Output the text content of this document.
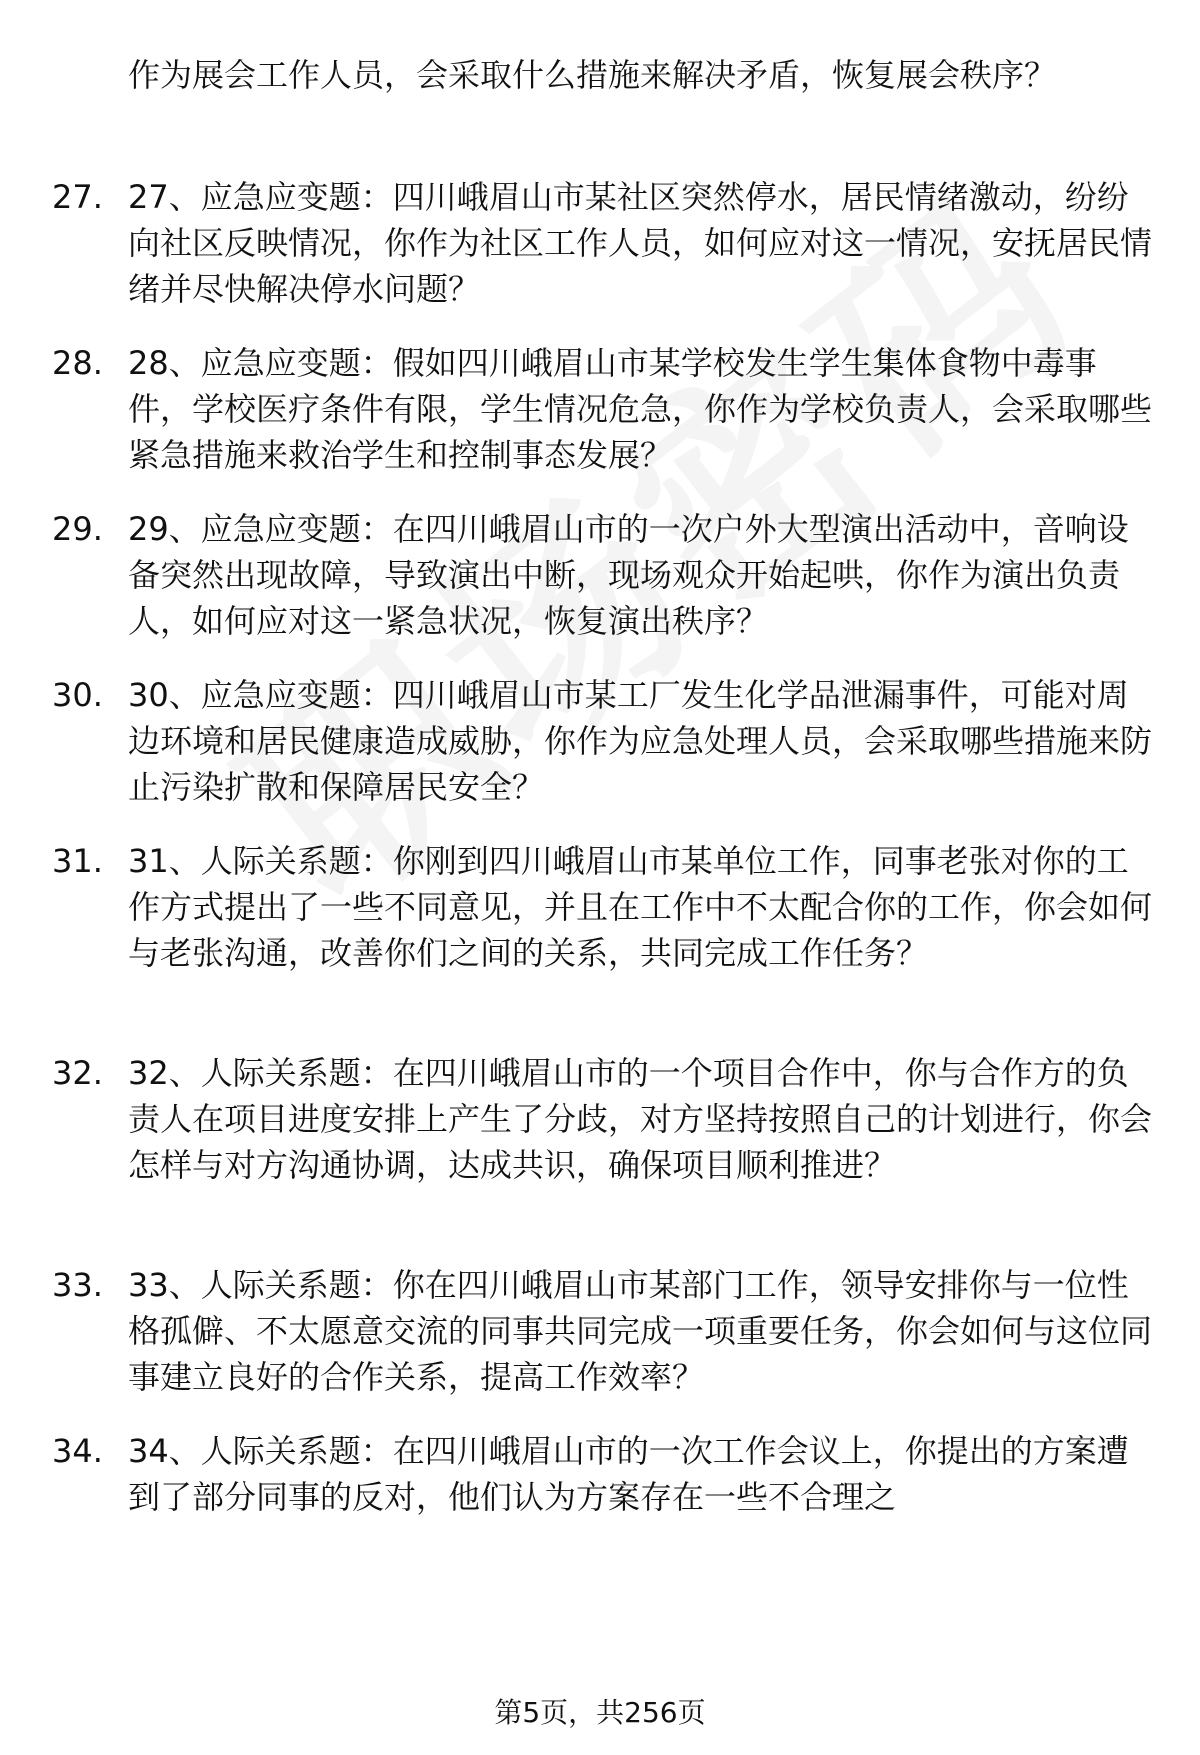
作为展会工作人员，会采取什么措施来解决矛盾，恢复展会秩序？
27. 27、应急应变题：四川峨眉山市某社区突然停水，居民情绪激动，纷纷向社区反映情况，你作为社区工作人员，如何应对这一情况，安抚居民情绪并尽快解决停水问题？
28. 28、应急应变题：假如四川峨眉山市某学校发生学生集体食物中毒事件，学校医疗条件有限，学生情况危急，你作为学校负责人，会采取哪些紧急措施来救治学生和控制事态发展？
29. 29、应急应变题：在四川峨眉山市的一次户外大型演出活动中，音响设备突然出现故障，导致演出中断，现场观众开始起哄，你作为演出负责人，如何应对这一紧急状况，恢复演出秩序？
30. 30、应急应变题：四川峨眉山市某工厂发生化学品泄漏事件，可能对周边环境和居民健康造成威胁，你作为应急处理人员，会采取哪些措施来防止污染扩散和保障居民安全？
31. 31、人际关系题：你刚到四川峨眉山市某单位工作，同事老张对你的工作方式提出了一些不同意见，并且在工作中不太配合你的工作，你会如何与老张沟通，改善你们之间的关系，共同完成工作任务？
32. 32、人际关系题：在四川峨眉山市的一个项目合作中，你与合作方的负责人在项目进度安排上产生了分歧，对方坚持按照自己的计划进行，你会怎样与对方沟通协调，达成共识，确保项目顺利推进？
33. 33、人际关系题：你在四川峨眉山市某部门工作，领导安排你与一位性格孤僻、不太愿意交流的同事共同完成一项重要任务，你会如何与这位同事建立良好的合作关系，提高工作效率？
34. 34、人际关系题：在四川峨眉山市的一次工作会议上，你提出的方案遭到了部分同事的反对，他们认为方案存在一些不合理之
第5页，共256页
